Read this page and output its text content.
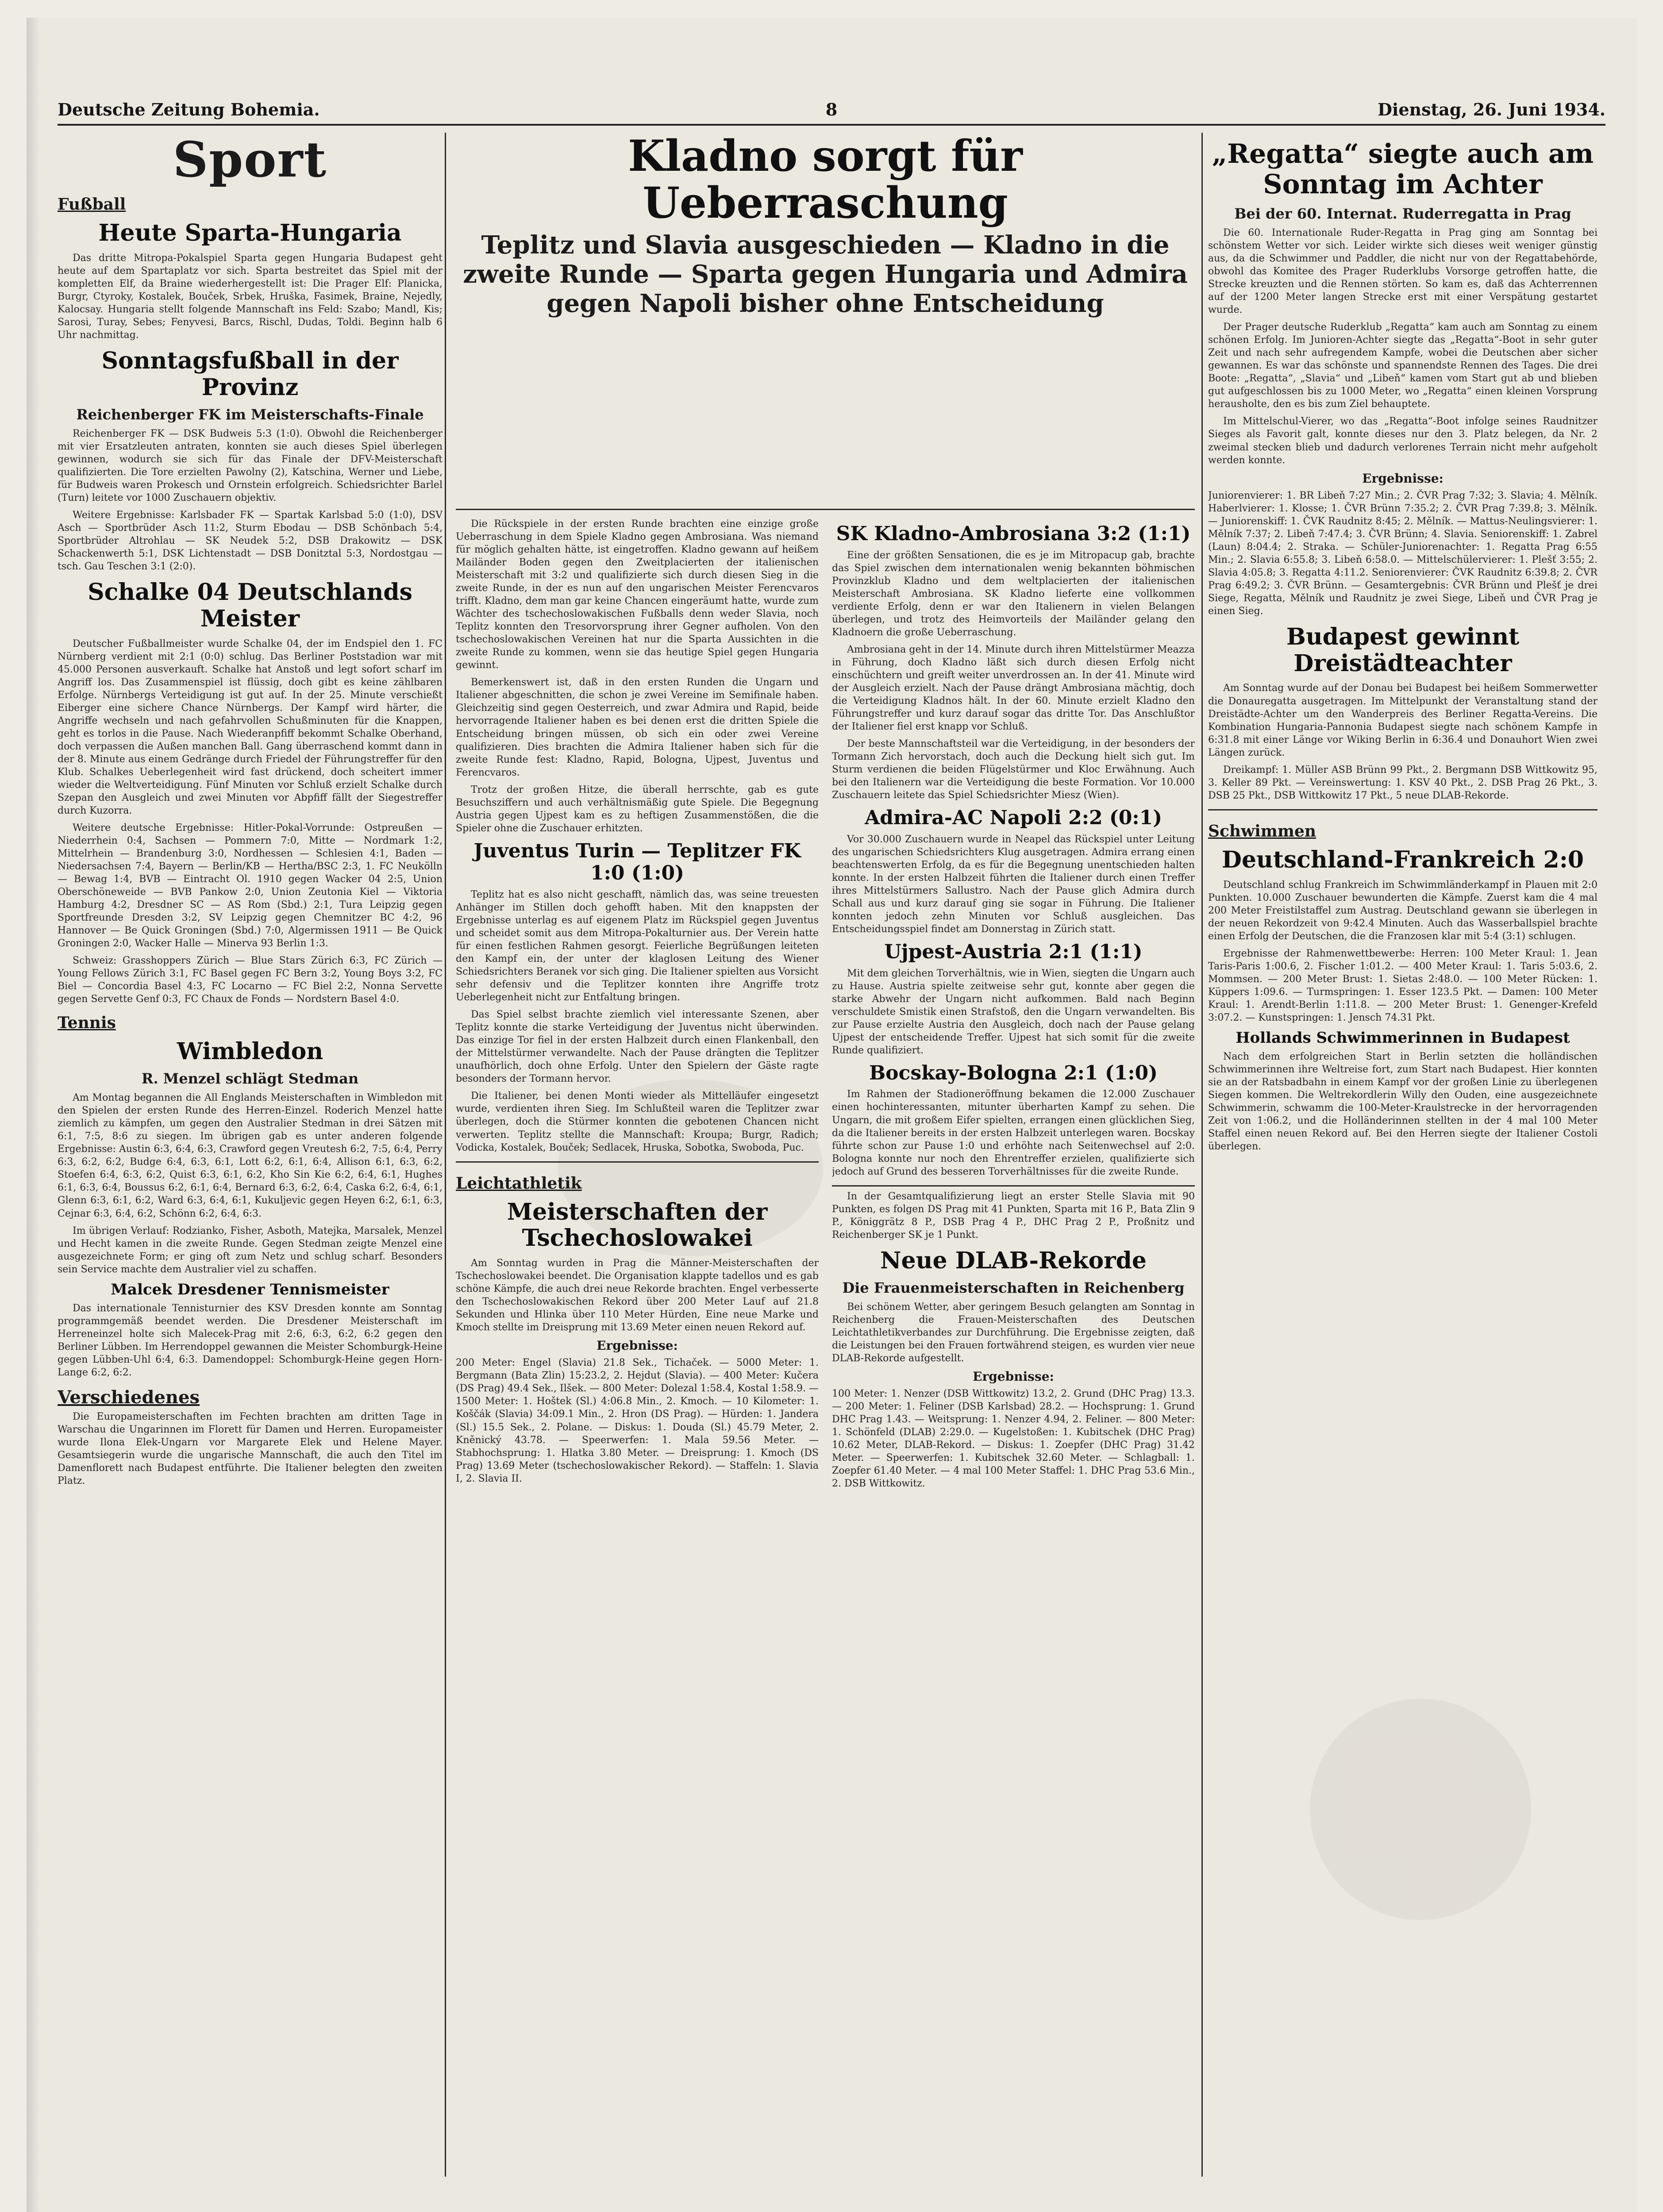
Deutsche Zeitung Bohemia.	8	Dienstag, 26. Juni 1934.
Sport
Fußball
Heute Sparta-Hungaria

Das dritte Mitropa-Pokalspiel Sparta gegen Hungaria Budapest geht heute auf dem Spartaplatz vor sich. Sparta bestreitet das Spiel mit der kompletten Elf, da Braine wiederhergestellt ist: Die Prager Elf: Planicka, Burgr, Ctyroky, Kostalek, Bouček, Srbek, Hruška, Fasimek, Braine, Nejedly, Kalocsay. Hungaria stellt folgende Mannschaft ins Feld: Szabo; Mandl, Kis; Sarosi, Turay, Sebes; Fenyvesi, Barcs, Rischl, Dudas, Toldi. Beginn halb 6 Uhr nachmittag.

Sonntagsfußball in der Provinz
Reichenberger FK im Meisterschafts-Finale

Reichenberger FK — DSK Budweis 5:3 (1:0). Obwohl die Reichenberger mit vier Ersatzleuten antraten, konnten sie auch dieses Spiel überlegen gewinnen, wodurch sie sich für das Finale der DFV-Meisterschaft qualifizierten. Die Tore erzielten Pawolny (2), Katschina, Werner und Liebe, für Budweis waren Prokesch und Ornstein erfolgreich. Schiedsrichter Barlel (Turn) leitete vor 1000 Zuschauern objektiv.

Weitere Ergebnisse: Karlsbader FK — Spartak Karlsbad 5:0 (1:0), DSV Asch — Sportbrüder Asch 11:2, Sturm Ebodau — DSB Schönbach 5:4, Sportbrüder Altrohlau — SK Neudek 5:2, DSB Drakowitz — DSK Schackenwerth 5:1, DSK Lichtenstadt — DSB Donitztal 5:3, Nordostgau — tsch. Gau Teschen 3:1 (2:0).

Schalke 04 Deutschlands Meister

Deutscher Fußballmeister wurde Schalke 04, der im Endspiel den 1. FC Nürnberg verdient mit 2:1 (0:0) schlug. Das Berliner Poststadion war mit 45.000 Personen ausverkauft. Schalke hat Anstoß und legt sofort scharf im Angriff los. Das Zusammenspiel ist flüssig, doch gibt es keine zählbaren Erfolge. Nürnbergs Verteidigung ist gut auf. In der 25. Minute verschießt Eiberger eine sichere Chance Nürnbergs. Der Kampf wird härter, die Angriffe wechseln und nach gefahrvollen Schußminuten für die Knappen, geht es torlos in die Pause. Nach Wiederanpfiff bekommt Schalke Oberhand, doch verpassen die Außen manchen Ball. Gang überraschend kommt dann in der 8. Minute aus einem Gedränge durch Friedel der Führungstreffer für den Klub. Schalkes Ueberlegenheit wird fast drückend, doch scheitert immer wieder die Weltverteidigung. Fünf Minuten vor Schluß erzielt Schalke durch Szepan den Ausgleich und zwei Minuten vor Abpfiff fällt der Siegestreffer durch Kuzorra.

Weitere deutsche Ergebnisse: Hitler-Pokal-Vorrunde: Ostpreußen — Niederrhein 0:4, Sachsen — Pommern 7:0, Mitte — Nordmark 1:2, Mittelrhein — Brandenburg 3:0, Nordhessen — Schlesien 4:1, Baden — Niedersachsen 7:4, Bayern — Berlin/KB — Hertha/BSC 2:3, 1. FC Neukölln — Bewag 1:4, BVB — Eintracht Ol. 1910 gegen Wacker 04 2:5, Union Oberschöneweide — BVB Pankow 2:0, Union Zeutonia Kiel — Viktoria Hamburg 4:2, Dresdner SC — AS Rom (Sbd.) 2:1, Tura Leipzig gegen Sportfreunde Dresden 3:2, SV Leipzig gegen Chemnitzer BC 4:2, 96 Hannover — Be Quick Groningen (Sbd.) 7:0, Algermissen 1911 — Be Quick Groningen 2:0, Wacker Halle — Minerva 93 Berlin 1:3.

Schweiz: Grasshoppers Zürich — Blue Stars Zürich 6:3, FC Zürich — Young Fellows Zürich 3:1, FC Basel gegen FC Bern 3:2, Young Boys 3:2, FC Biel — Concordia Basel 4:3, FC Locarno — FC Biel 2:2, Nonna Servette gegen Servette Genf 0:3, FC Chaux de Fonds — Nordstern Basel 4:0.

Tennis
Wimbledon
R. Menzel schlägt Stedman

Am Montag begannen die All Englands Meisterschaften in Wimbledon mit den Spielen der ersten Runde des Herren-Einzel. Roderich Menzel hatte ziemlich zu kämpfen, um gegen den Australier Stedman in drei Sätzen mit 6:1, 7:5, 8:6 zu siegen. Im übrigen gab es unter anderen folgende Ergebnisse: Austin 6:3, 6:4, 6:3, Crawford gegen Vreutesh 6:2, 7:5, 6:4, Perry 6:3, 6:2, 6:2, Budge 6:4, 6:3, 6:1, Lott 6:2, 6:1, 6:4, Allison 6:1, 6:3, 6:2, Stoefen 6:4, 6:3, 6:2, Quist 6:3, 6:1, 6:2, Kho Sin Kie 6:2, 6:4, 6:1, Hughes 6:1, 6:3, 6:4, Boussus 6:2, 6:1, 6:4, Bernard 6:3, 6:2, 6:4, Caska 6:2, 6:4, 6:1, Glenn 6:3, 6:1, 6:2, Ward 6:3, 6:4, 6:1, Kukuljevic gegen Heyen 6:2, 6:1, 6:3, Cejnar 6:3, 6:4, 6:2, Schönn 6:2, 6:4, 6:3.

Im übrigen Verlauf: Rodzianko, Fisher, Asboth, Matejka, Marsalek, Menzel und Hecht kamen in die zweite Runde. Gegen Stedman zeigte Menzel eine ausgezeichnete Form; er ging oft zum Netz und schlug scharf. Besonders sein Service machte dem Australier viel zu schaffen.

Malcek Dresdener Tennismeister

Das internationale Tennisturnier des KSV Dresden konnte am Sonntag programmgemäß beendet werden. Die Dresdener Meisterschaft im Herreneinzel holte sich Malecek-Prag mit 2:6, 6:3, 6:2, 6:2 gegen den Berliner Lübben. Im Herrendoppel gewannen die Meister Schomburgk-Heine gegen Lübben-Uhl 6:4, 6:3. Damendoppel: Schomburgk-Heine gegen Horn-Lange 6:2, 6:2.

Verschiedenes

Die Europameisterschaften im Fechten brachten am dritten Tage in Warschau die Ungarinnen im Florett für Damen und Herren. Europameister wurde Ilona Elek-Ungarn vor Margarete Elek und Helene Mayer. Gesamtsiegerin wurde die ungarische Mannschaft, die auch den Titel im Damenflorett nach Budapest entführte. Die Italiener belegten den zweiten Platz.

Kladno sorgt für Ueberraschung
Teplitz und Slavia ausgeschieden — Kladno in die zweite Runde — Sparta gegen Hungaria und Admira gegen Napoli bisher ohne Entscheidung

Die Rückspiele in der ersten Runde brachten eine einzige große Ueberraschung in dem Spiele Kladno gegen Ambrosiana. Was niemand für möglich gehalten hätte, ist eingetroffen. Kladno gewann auf heißem Mailänder Boden gegen den Zweitplacierten der italienischen Meisterschaft mit 3:2 und qualifizierte sich durch diesen Sieg in die zweite Runde, in der es nun auf den ungarischen Meister Ferencvaros trifft. Kladno, dem man gar keine Chancen eingeräumt hatte, wurde zum Wächter des tschechoslowakischen Fußballs denn weder Slavia, noch Teplitz konnten den Tresorvorsprung ihrer Gegner aufholen. Von den tschechoslowakischen Vereinen hat nur die Sparta Aussichten in die zweite Runde zu kommen, wenn sie das heutige Spiel gegen Hungaria gewinnt.

Bemerkenswert ist, daß in den ersten Runden die Ungarn und Italiener abgeschnitten, die schon je zwei Vereine im Semifinale haben. Gleichzeitig sind gegen Oesterreich, und zwar Admira und Rapid, beide hervorragende Italiener haben es bei denen erst die dritten Spiele die Entscheidung bringen müssen, ob sich ein oder zwei Vereine qualifizieren. Dies brachten die Admira Italiener haben sich für die zweite Runde fest: Kladno, Rapid, Bologna, Ujpest, Juventus und Ferencvaros.

Trotz der großen Hitze, die überall herrschte, gab es gute Besuchsziffern und auch verhältnismäßig gute Spiele. Die Begegnung Austria gegen Ujpest kam es zu heftigen Zusammenstößen, die die Spieler ohne die Zuschauer erhitzten.

Juventus Turin — Teplitzer FK 1:0 (1:0)

Teplitz hat es also nicht geschafft, nämlich das, was seine treuesten Anhänger im Stillen doch gehofft haben. Mit den knappsten der Ergebnisse unterlag es auf eigenem Platz im Rückspiel gegen Juventus und scheidet somit aus dem Mitropa-Pokalturnier aus. Der Verein hatte für einen festlichen Rahmen gesorgt. Feierliche Begrüßungen leiteten den Kampf ein, der unter der klaglosen Leitung des Wiener Schiedsrichters Beranek vor sich ging. Die Italiener spielten aus Vorsicht sehr defensiv und die Teplitzer konnten ihre Angriffe trotz Ueberlegenheit nicht zur Entfaltung bringen.

Das Spiel selbst brachte ziemlich viel interessante Szenen, aber Teplitz konnte die starke Verteidigung der Juventus nicht überwinden. Das einzige Tor fiel in der ersten Halbzeit durch einen Flankenball, den der Mittelstürmer verwandelte. Nach der Pause drängten die Teplitzer unaufhörlich, doch ohne Erfolg. Unter den Spielern der Gäste ragte besonders der Tormann hervor.

Die Italiener, bei denen Monti wieder als Mittelläufer eingesetzt wurde, verdienten ihren Sieg. Im Schlußteil waren die Teplitzer zwar überlegen, doch die Stürmer konnten die gebotenen Chancen nicht verwerten. Teplitz stellte die Mannschaft: Kroupa; Burgr, Radich; Vodicka, Kostalek, Bouček; Sedlacek, Hruska, Sobotka, Swoboda, Puc.

Leichtathletik
Meisterschaften der Tschechoslowakei

Am Sonntag wurden in Prag die Männer-Meisterschaften der Tschechoslowakei beendet. Die Organisation klappte tadellos und es gab schöne Kämpfe, die auch drei neue Rekorde brachten. Engel verbesserte den Tschechoslowakischen Rekord über 200 Meter Lauf auf 21.8 Sekunden und Hlinka über 110 Meter Hürden, Eine neue Marke und Kmoch stellte im Dreisprung mit 13.69 Meter einen neuen Rekord auf.

Ergebnisse:

200 Meter: Engel (Slavia) 21.8 Sek., Tichaček. — 5000 Meter: 1. Bergmann (Bata Zlin) 15:23.2, 2. Hejdut (Slavia). — 400 Meter: Kučera (DS Prag) 49.4 Sek., Ilšek. — 800 Meter: Dolezal 1:58.4, Kostal 1:58.9. — 1500 Meter: 1. Hoštek (Sl.) 4:06.8 Min., 2. Kmoch. — 10 Kilometer: 1. Koščák (Slavia) 34:09.1 Min., 2. Hron (DS Prag). — Hürden: 1. Jandera (Sl.) 15.5 Sek., 2. Polane. — Diskus: 1. Douda (Sl.) 45.79 Meter, 2. Kněnický 43.78. — Speerwerfen: 1. Mala 59.56 Meter. — Stabhochsprung: 1. Hlatka 3.80 Meter. — Dreisprung: 1. Kmoch (DS Prag) 13.69 Meter (tschechoslowakischer Rekord). — Staffeln: 1. Slavia I, 2. Slavia II.

SK Kladno-Ambrosiana 3:2 (1:1)

Eine der größten Sensationen, die es je im Mitropacup gab, brachte das Spiel zwischen dem internationalen wenig bekannten böhmischen Provinzklub Kladno und dem weltplacierten der italienischen Meisterschaft Ambrosiana. SK Kladno lieferte eine vollkommen verdiente Erfolg, denn er war den Italienern in vielen Belangen überlegen, und trotz des Heimvorteils der Mailänder gelang den Kladnoern die große Ueberraschung.

Ambrosiana geht in der 14. Minute durch ihren Mittelstürmer Meazza in Führung, doch Kladno läßt sich durch diesen Erfolg nicht einschüchtern und greift weiter unverdrossen an. In der 41. Minute wird der Ausgleich erzielt. Nach der Pause drängt Ambrosiana mächtig, doch die Verteidigung Kladnos hält. In der 60. Minute erzielt Kladno den Führungstreffer und kurz darauf sogar das dritte Tor. Das Anschlußtor der Italiener fiel erst knapp vor Schluß.

Der beste Mannschaftsteil war die Verteidigung, in der besonders der Tormann Zich hervorstach, doch auch die Deckung hielt sich gut. Im Sturm verdienen die beiden Flügelstürmer und Kloc Erwähnung. Auch bei den Italienern war die Verteidigung die beste Formation. Vor 10.000 Zuschauern leitete das Spiel Schiedsrichter Miesz (Wien).

Admira-AC Napoli 2:2 (0:1)

Vor 30.000 Zuschauern wurde in Neapel das Rückspiel unter Leitung des ungarischen Schiedsrichters Klug ausgetragen. Admira errang einen beachtenswerten Erfolg, da es für die Begegnung unentschieden halten konnte. In der ersten Halbzeit führten die Italiener durch einen Treffer ihres Mittelstürmers Sallustro. Nach der Pause glich Admira durch Schall aus und kurz darauf ging sie sogar in Führung. Die Italiener konnten jedoch zehn Minuten vor Schluß ausgleichen. Das Entscheidungsspiel findet am Donnerstag in Zürich statt.

Ujpest-Austria 2:1 (1:1)

Mit dem gleichen Torverhältnis, wie in Wien, siegten die Ungarn auch zu Hause. Austria spielte zeitweise sehr gut, konnte aber gegen die starke Abwehr der Ungarn nicht aufkommen. Bald nach Beginn verschuldete Smistik einen Strafstoß, den die Ungarn verwandelten. Bis zur Pause erzielte Austria den Ausgleich, doch nach der Pause gelang Ujpest der entscheidende Treffer. Ujpest hat sich somit für die zweite Runde qualifiziert.

Bocskay-Bologna 2:1 (1:0)

Im Rahmen der Stadioneröffnung bekamen die 12.000 Zuschauer einen hochinteressanten, mitunter überharten Kampf zu sehen. Die Ungarn, die mit großem Eifer spielten, errangen einen glücklichen Sieg, da die Italiener bereits in der ersten Halbzeit unterlegen waren. Bocskay führte schon zur Pause 1:0 und erhöhte nach Seitenwechsel auf 2:0. Bologna konnte nur noch den Ehrentreffer erzielen, qualifizierte sich jedoch auf Grund des besseren Torverhältnisses für die zweite Runde.

In der Gesamtqualifizierung liegt an erster Stelle Slavia mit 90 Punkten, es folgen DS Prag mit 41 Punkten, Sparta mit 16 P., Bata Zlin 9 P., Königgrätz 8 P., DSB Prag 4 P., DHC Prag 2 P., Proßnitz und Reichenberger SK je 1 Punkt.

Neue DLAB-Rekorde
Die Frauenmeisterschaften in Reichenberg

Bei schönem Wetter, aber geringem Besuch gelangten am Sonntag in Reichenberg die Frauen-Meisterschaften des Deutschen Leichtathletikverbandes zur Durchführung. Die Ergebnisse zeigten, daß die Leistungen bei den Frauen fortwährend steigen, es wurden vier neue DLAB-Rekorde aufgestellt.

Ergebnisse:

100 Meter: 1. Nenzer (DSB Wittkowitz) 13.2, 2. Grund (DHC Prag) 13.3. — 200 Meter: 1. Feliner (DSB Karlsbad) 28.2. — Hochsprung: 1. Grund DHC Prag 1.43. — Weitsprung: 1. Nenzer 4.94, 2. Feliner. — 800 Meter: 1. Schönfeld (DLAB) 2:29.0. — Kugelstoßen: 1. Kubitschek (DHC Prag) 10.62 Meter, DLAB-Rekord. — Diskus: 1. Zoepfer (DHC Prag) 31.42 Meter. — Speerwerfen: 1. Kubitschek 32.60 Meter. — Schlagball: 1. Zoepfer 61.40 Meter. — 4 mal 100 Meter Staffel: 1. DHC Prag 53.6 Min., 2. DSB Wittkowitz.

„Regatta“ siegte auch am Sonntag im Achter
Bei der 60. Internat. Ruderregatta in Prag

Die 60. Internationale Ruder-Regatta in Prag ging am Sonntag bei schönstem Wetter vor sich. Leider wirkte sich dieses weit weniger günstig aus, da die Schwimmer und Paddler, die nicht nur von der Regattabehörde, obwohl das Komitee des Prager Ruderklubs Vorsorge getroffen hatte, die Strecke kreuzten und die Rennen störten. So kam es, daß das Achterrennen auf der 1200 Meter langen Strecke erst mit einer Verspätung gestartet wurde.

Der Prager deutsche Ruderklub „Regatta“ kam auch am Sonntag zu einem schönen Erfolg. Im Junioren-Achter siegte das „Regatta“-Boot in sehr guter Zeit und nach sehr aufregendem Kampfe, wobei die Deutschen aber sicher gewannen. Es war das schönste und spannendste Rennen des Tages. Die drei Boote: „Regatta“, „Slavia“ und „Libeň“ kamen vom Start gut ab und blieben gut aufgeschlossen bis zu 1000 Meter, wo „Regatta“ einen kleinen Vorsprung herausholte, den es bis zum Ziel behauptete.

Im Mittelschul-Vierer, wo das „Regatta“-Boot infolge seines Raudnitzer Sieges als Favorit galt, konnte dieses nur den 3. Platz belegen, da Nr. 2 zweimal stecken blieb und dadurch verlorenes Terrain nicht mehr aufgeholt werden konnte.

Ergebnisse:

Juniorenvierer: 1. BR Libeň 7:27 Min.; 2. ČVR Prag 7:32; 3. Slavia; 4. Mělník. Haberlvierer: 1. Klosse; 1. ČVR Brünn 7:35.2; 2. ČVR Prag 7:39.8; 3. Mělník. — Juniorenskiff: 1. ČVK Raudnitz 8:45; 2. Mělník. — Mattus-Neulingsvierer: 1. Mělník 7:37; 2. Libeň 7:47.4; 3. ČVR Brünn; 4. Slavia. Seniorenskiff: 1. Zabrel (Laun) 8:04.4; 2. Straka. — Schüler-Juniorenachter: 1. Regatta Prag 6:55 Min.; 2. Slavia 6:55.8; 3. Libeň 6:58.0. — Mittelschülervierer: 1. Plešť 3:55; 2. Slavia 4:05.8; 3. Regatta 4:11.2. Seniorenvierer: ČVK Raudnitz 6:39.8; 2. ČVR Prag 6:49.2; 3. ČVR Brünn. — Gesamtergebnis: ČVR Brünn und Plešť je drei Siege, Regatta, Mělník und Raudnitz je zwei Siege, Libeň und ČVR Prag je einen Sieg.

Budapest gewinnt Dreistädteachter

Am Sonntag wurde auf der Donau bei Budapest bei heißem Sommerwetter die Donauregatta ausgetragen. Im Mittelpunkt der Veranstaltung stand der Dreistädte-Achter um den Wanderpreis des Berliner Regatta-Vereins. Die Kombination Hungaria-Pannonia Budapest siegte nach schönem Kampfe in 6:31.8 mit einer Länge vor Wiking Berlin in 6:36.4 und Donauhort Wien zwei Längen zurück.

Dreikampf: 1. Müller ASB Brünn 99 Pkt., 2. Bergmann DSB Wittkowitz 95, 3. Keller 89 Pkt. — Vereinswertung: 1. KSV 40 Pkt., 2. DSB Prag 26 Pkt., 3. DSB 25 Pkt., DSB Wittkowitz 17 Pkt., 5 neue DLAB-Rekorde.

Schwimmen
Deutschland-Frankreich 2:0

Deutschland schlug Frankreich im Schwimmländerkampf in Plauen mit 2:0 Punkten. 10.000 Zuschauer bewunderten die Kämpfe. Zuerst kam die 4 mal 200 Meter Freistilstaffel zum Austrag. Deutschland gewann sie überlegen in der neuen Rekordzeit von 9:42.4 Minuten. Auch das Wasserballspiel brachte einen Erfolg der Deutschen, die die Franzosen klar mit 5:4 (3:1) schlugen.

Ergebnisse der Rahmenwettbewerbe: Herren: 100 Meter Kraul: 1. Jean Taris-Paris 1:00.6, 2. Fischer 1:01.2. — 400 Meter Kraul: 1. Taris 5:03.6, 2. Mommsen. — 200 Meter Brust: 1. Sietas 2:48.0. — 100 Meter Rücken: 1. Küppers 1:09.6. — Turmspringen: 1. Esser 123.5 Pkt. — Damen: 100 Meter Kraul: 1. Arendt-Berlin 1:11.8. — 200 Meter Brust: 1. Genenger-Krefeld 3:07.2. — Kunstspringen: 1. Jensch 74.31 Pkt.

Hollands Schwimmerinnen in Budapest

Nach dem erfolgreichen Start in Berlin setzten die holländischen Schwimmerinnen ihre Weltreise fort, zum Start nach Budapest. Hier konnten sie an der Ratsbadbahn in einem Kampf vor der großen Linie zu überlegenen Siegen kommen. Die Weltrekordlerin Willy den Ouden, eine ausgezeichnete Schwimmerin, schwamm die 100-Meter-Kraulstrecke in der hervorragenden Zeit von 1:06.2, und die Holländerinnen stellten in der 4 mal 100 Meter Staffel einen neuen Rekord auf. Bei den Herren siegte der Italiener Costoli überlegen.
